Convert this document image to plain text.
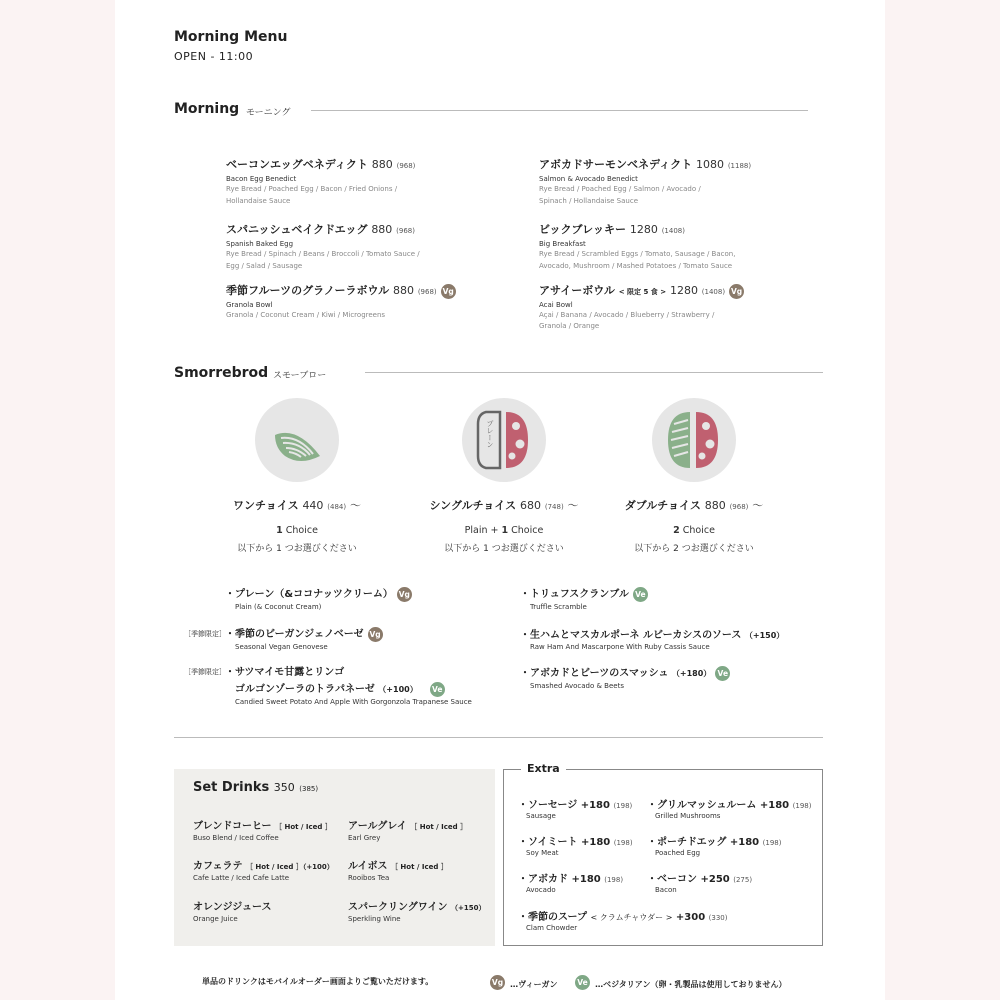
Morning Menu
OPEN - 11:00
Morning モーニング
ベーコンエッグベネディクト 880 (968)
Bacon Egg Benedict
Rye Bread / Poached Egg / Bacon / Fried Onions / Hollandaise Sauce
アボカドサーモンベネディクト 1080 (1188)
Salmon & Avocado Benedict
Rye Bread / Poached Egg / Salmon / Avocado / Spinach / Hollandaise Sauce
スパニッシュベイクドエッグ 880 (968)
Spanish Baked Egg
Rye Bread / Spinach / Beans / Broccoli / Tomato Sauce / Egg / Salad / Sausage
ビックブレッキー 1280 (1408)
Big Breakfast
Rye Bread / Scrambled Eggs / Tomato, Sausage / Bacon, Avocado, Mushroom / Mashed Potatoes / Tomato Sauce
季節フルーツのグラノーラボウル 880 (968) Vg
Granola Bowl
Granola / Coconut Cream / Kiwi / Microgreens
アサイーボウル < 限定 5 食 > 1280 (1408) Vg
Acai Bowl
Açai / Banana / Avocado / Blueberry / Strawberry / Granola / Orange
Smorrebrod スモーブロー
プレーン
ワンチョイス 440 (484) 〜
1 Choice
以下から 1 つお選びください
シングルチョイス 680 (748) 〜
Plain + 1 Choice
以下から 1 つお選びください
ダブルチョイス 880 (968) 〜
2 Choice
以下から 2 つお選びください
・プレーン（&ココナッツクリーム） Vg
Plain (& Coconut Cream)
［季節限定］ ・季節のビーガンジェノベーゼ Vg
Seasonal Vegan Genovese
［季節限定］ ・サツマイモ甘露とリンゴ
ゴルゴンゾーラのトラパネーゼ （+100） Ve
Candied Sweet Potato And Apple With Gorgonzola Trapanese Sauce
・トリュフスクランブル Ve
Truffle Scramble
・生ハムとマスカルポーネ ルビーカシスのソース （+150）
Raw Ham And Mascarpone With Ruby Cassis Sauce
・アボカドとビーツのスマッシュ （+180） Ve
Smashed Avocado & Beets
Set Drinks 350 (385)
ブレンドコーヒー ［ Hot / Iced ］
Buso Blend / Iced Coffee
アールグレイ ［ Hot / Iced ］
Earl Grey
カフェラテ ［ Hot / Iced ］（+100）
Cafe Latte / Iced Cafe Latte
ルイボス ［ Hot / Iced ］
Rooibos Tea
オレンジジュース
Orange Juice
スパークリングワイン （+150）
Sperkling Wine
Extra
・ソーセージ +180 (198)
Sausage
・グリルマッシュルーム +180 (198)
Grilled Mushrooms
・ソイミート +180 (198)
Soy Meat
・ポーチドエッグ +180 (198)
Poached Egg
・アボカド +180 (198)
Avocado
・ベーコン +250 (275)
Bacon
・季節のスープ < クラムチャウダー > +300 (330)
Clam Chowder
単品のドリンクはモバイルオーダー画面よりご覧いただけます。	Vg …ヴィーガン	Ve …ベジタリアン（卵・乳製品は使用しておりません）
